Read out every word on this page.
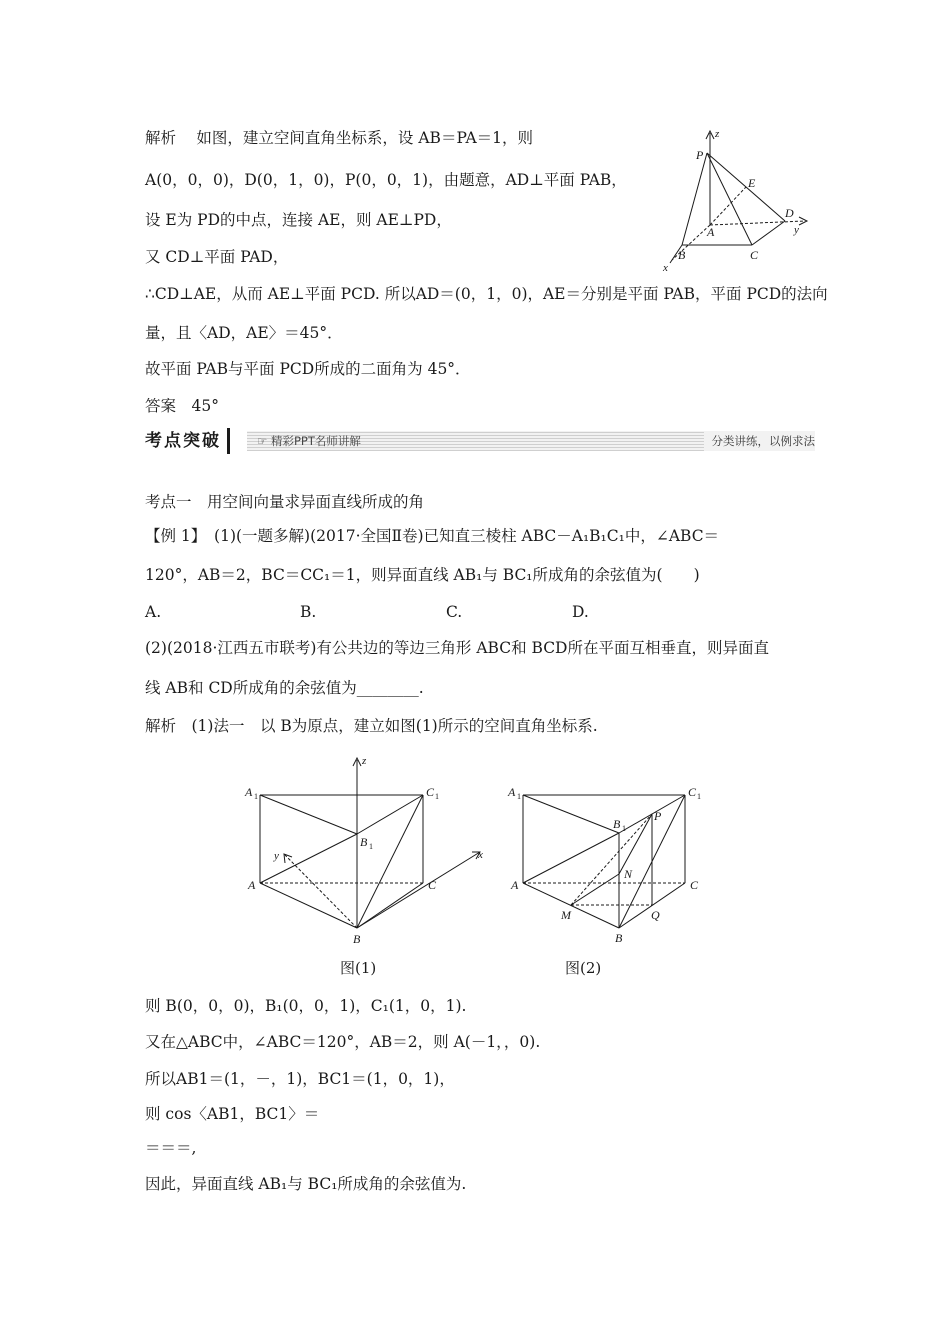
解析　 如图，建立空间直角坐标系，设 AB＝PA＝1，则
A(0，0，0)，D(0，1，0)，P(0，0，1)，由题意，AD⊥平面 PAB，
设 E为 PD的中点，连接 AE，则 AE⊥PD，
又 CD⊥平面 PAD，
∴CD⊥AE，从而 AE⊥平面 PCD. 所以AD＝(0，1，0)，AE＝分别是平面 PAB，平面 PCD的法向
量，且〈AD，AE〉＝45°．
故平面 PAB与平面 PCD所成的二面角为 45°．
答案　45°
z
P
E
D
y
A
B	C
x
考点突破	☞ 精彩PPT名师讲解	分类讲练，以例求法
考点一　用空间向量求异面直线所成的角
【例 1】　(1)(一题多解)(2017·全国Ⅱ卷)已知直三棱柱 ABC－A₁B₁C₁中，∠ABC＝
120°，AB＝2，BC＝CC₁＝1，则异面直线 AB₁与 BC₁所成角的余弦值为(　　)
A.	B.	C.	D.
(2)(2018·江西五市联考)有公共边的等边三角形 ABC和 BCD所在平面互相垂直，则异面直
线 AB和 CD所成角的余弦值为________.
解析　(1)法一　以 B为原点，建立如图(1)所示的空间直角坐标系.
z
A 1	C 1
B 1
y	x
A	C
B
A 1	C 1
B 1
P
N
A	C
M	Q
B
图(1)	图(2)
则 B(0，0，0)，B₁(0，0，1)，C₁(1，0，1).
又在△ABC中，∠ABC＝120°，AB＝2，则 A(－1，，0).
所以AB1＝(1，－，1)，BC1＝(1，0，1)，
则 cos〈AB1，BC1〉＝
＝＝＝,
因此，异面直线 AB₁与 BC₁所成角的余弦值为.
